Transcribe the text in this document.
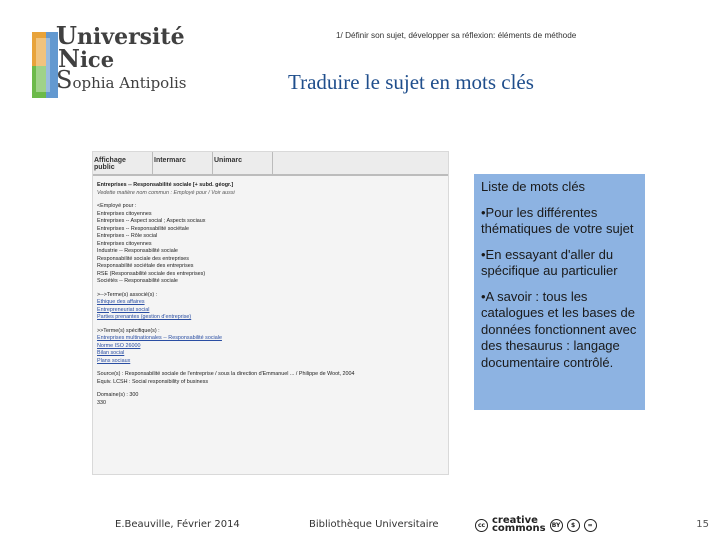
Université
Nice
Sophia Antipolis
1/ Définir son sujet, développer sa réflexion: éléments de méthode
Traduire le sujet en mots clés
Affichage public
Intermarc	Unimarc
Entreprises -- Responsabilité sociale [+ subd. géogr.]
Vedette matière nom commun : Employé pour / Voir aussi
<Employé pour :
Entreprises citoyennes
Entreprises -- Aspect social ; Aspects sociaux
Entreprises -- Responsabilité sociétale
Entreprises -- Rôle social
Entreprises citoyennes
Industrie -- Responsabilité sociale
Responsabilité sociale des entreprises
Responsabilité sociétale des entreprises
RSE (Responsabilité sociale des entreprises)
Sociétés -- Responsabilité sociale
>-->Terme(s) associé(s) :
Ethique des affaires
Entrepreneuriat social
Parties prenantes (gestion d'entreprise)
>>Terme(s) spécifique(s) :
Entreprises multinationales -- Responsabilité sociale
Norme ISO 26000
Bilan social
Plans sociaux
Source(s) : Responsabilité sociale de l'entreprise / sous la direction d'Emmanuel ... / Philippe de Woot, 2004
Equiv. LCSH : Social responsibility of business
Domaine(s) : 300
330

Liste de mots clés

•Pour les différentes thématiques de votre sujet

•En essayant d'aller du spécifique au particulier

•A savoir : tous les catalogues et les bases de données fonctionnent avec des thesaurus : langage documentaire contrôlé.

E.Beauville, Février 2014	Bibliothèque Universitaire	cc creative
commons	BY	$	=	15
